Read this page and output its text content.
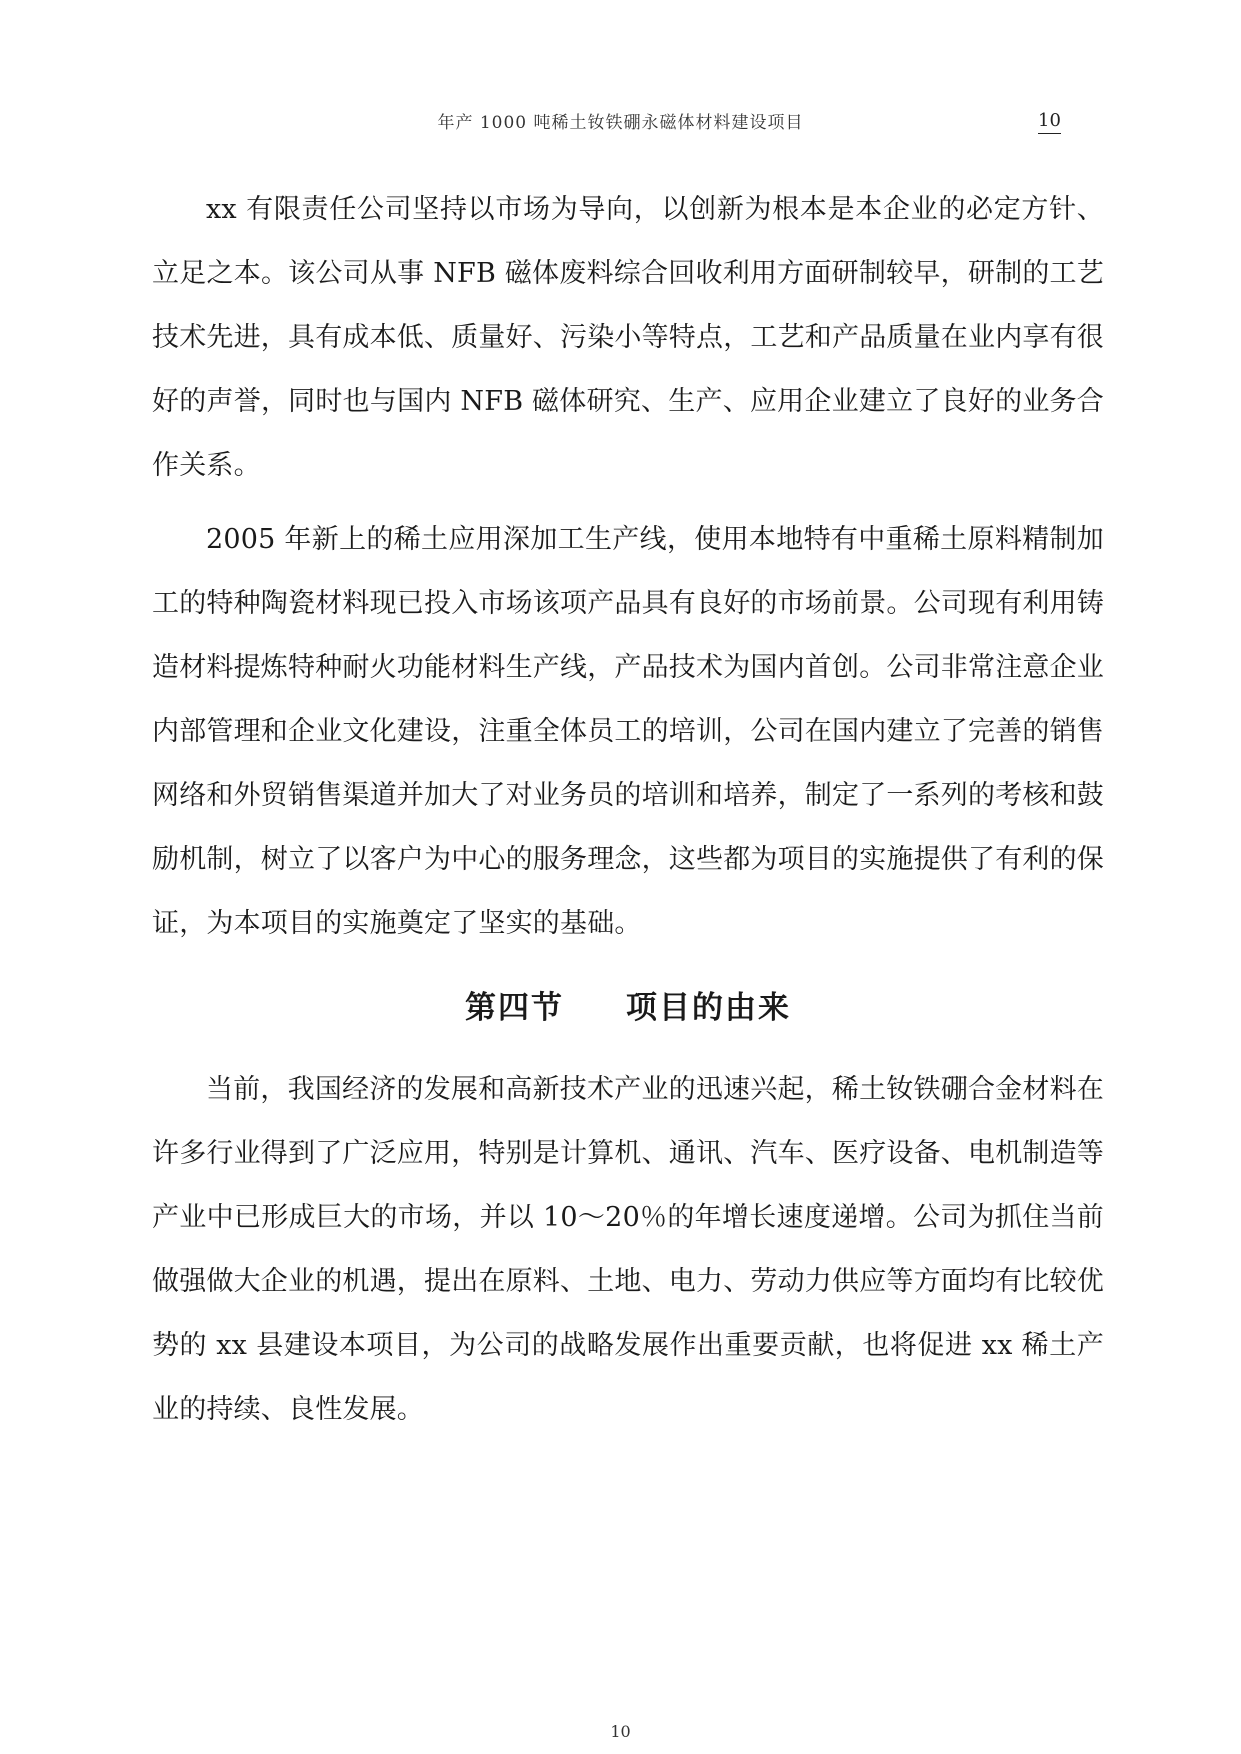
年产 1000 吨稀土钕铁硼永磁体材料建设项目	10

xx 有限责任公司坚持以市场为导向，以创新为根本是本企业的必定方针、立足之本。该公司从事 NFB 磁体废料综合回收利用方面研制较早，研制的工艺技术先进，具有成本低、质量好、污染小等特点，工艺和产品质量在业内享有很好的声誉，同时也与国内 NFB 磁体研究、生产、应用企业建立了良好的业务合作关系。

2005 年新上的稀土应用深加工生产线，使用本地特有中重稀土原料精制加工的特种陶瓷材料现已投入市场该项产品具有良好的市场前景。公司现有利用铸造材料提炼特种耐火功能材料生产线，产品技术为国内首创。公司非常注意企业内部管理和企业文化建设，注重全体员工的培训，公司在国内建立了完善的销售网络和外贸销售渠道并加大了对业务员的培训和培养，制定了一系列的考核和鼓励机制，树立了以客户为中心的服务理念，这些都为项目的实施提供了有利的保证，为本项目的实施奠定了坚实的基础。

第四节 项目的由来

当前，我国经济的发展和高新技术产业的迅速兴起，稀土钕铁硼合金材料在许多行业得到了广泛应用，特别是计算机、通讯、汽车、医疗设备、电机制造等产业中已形成巨大的市场，并以 10～20％的年增长速度递增。公司为抓住当前做强做大企业的机遇，提出在原料、土地、电力、劳动力供应等方面均有比较优势的 xx 县建设本项目，为公司的战略发展作出重要贡献，也将促进 xx 稀土产业的持续、良性发展。

10
